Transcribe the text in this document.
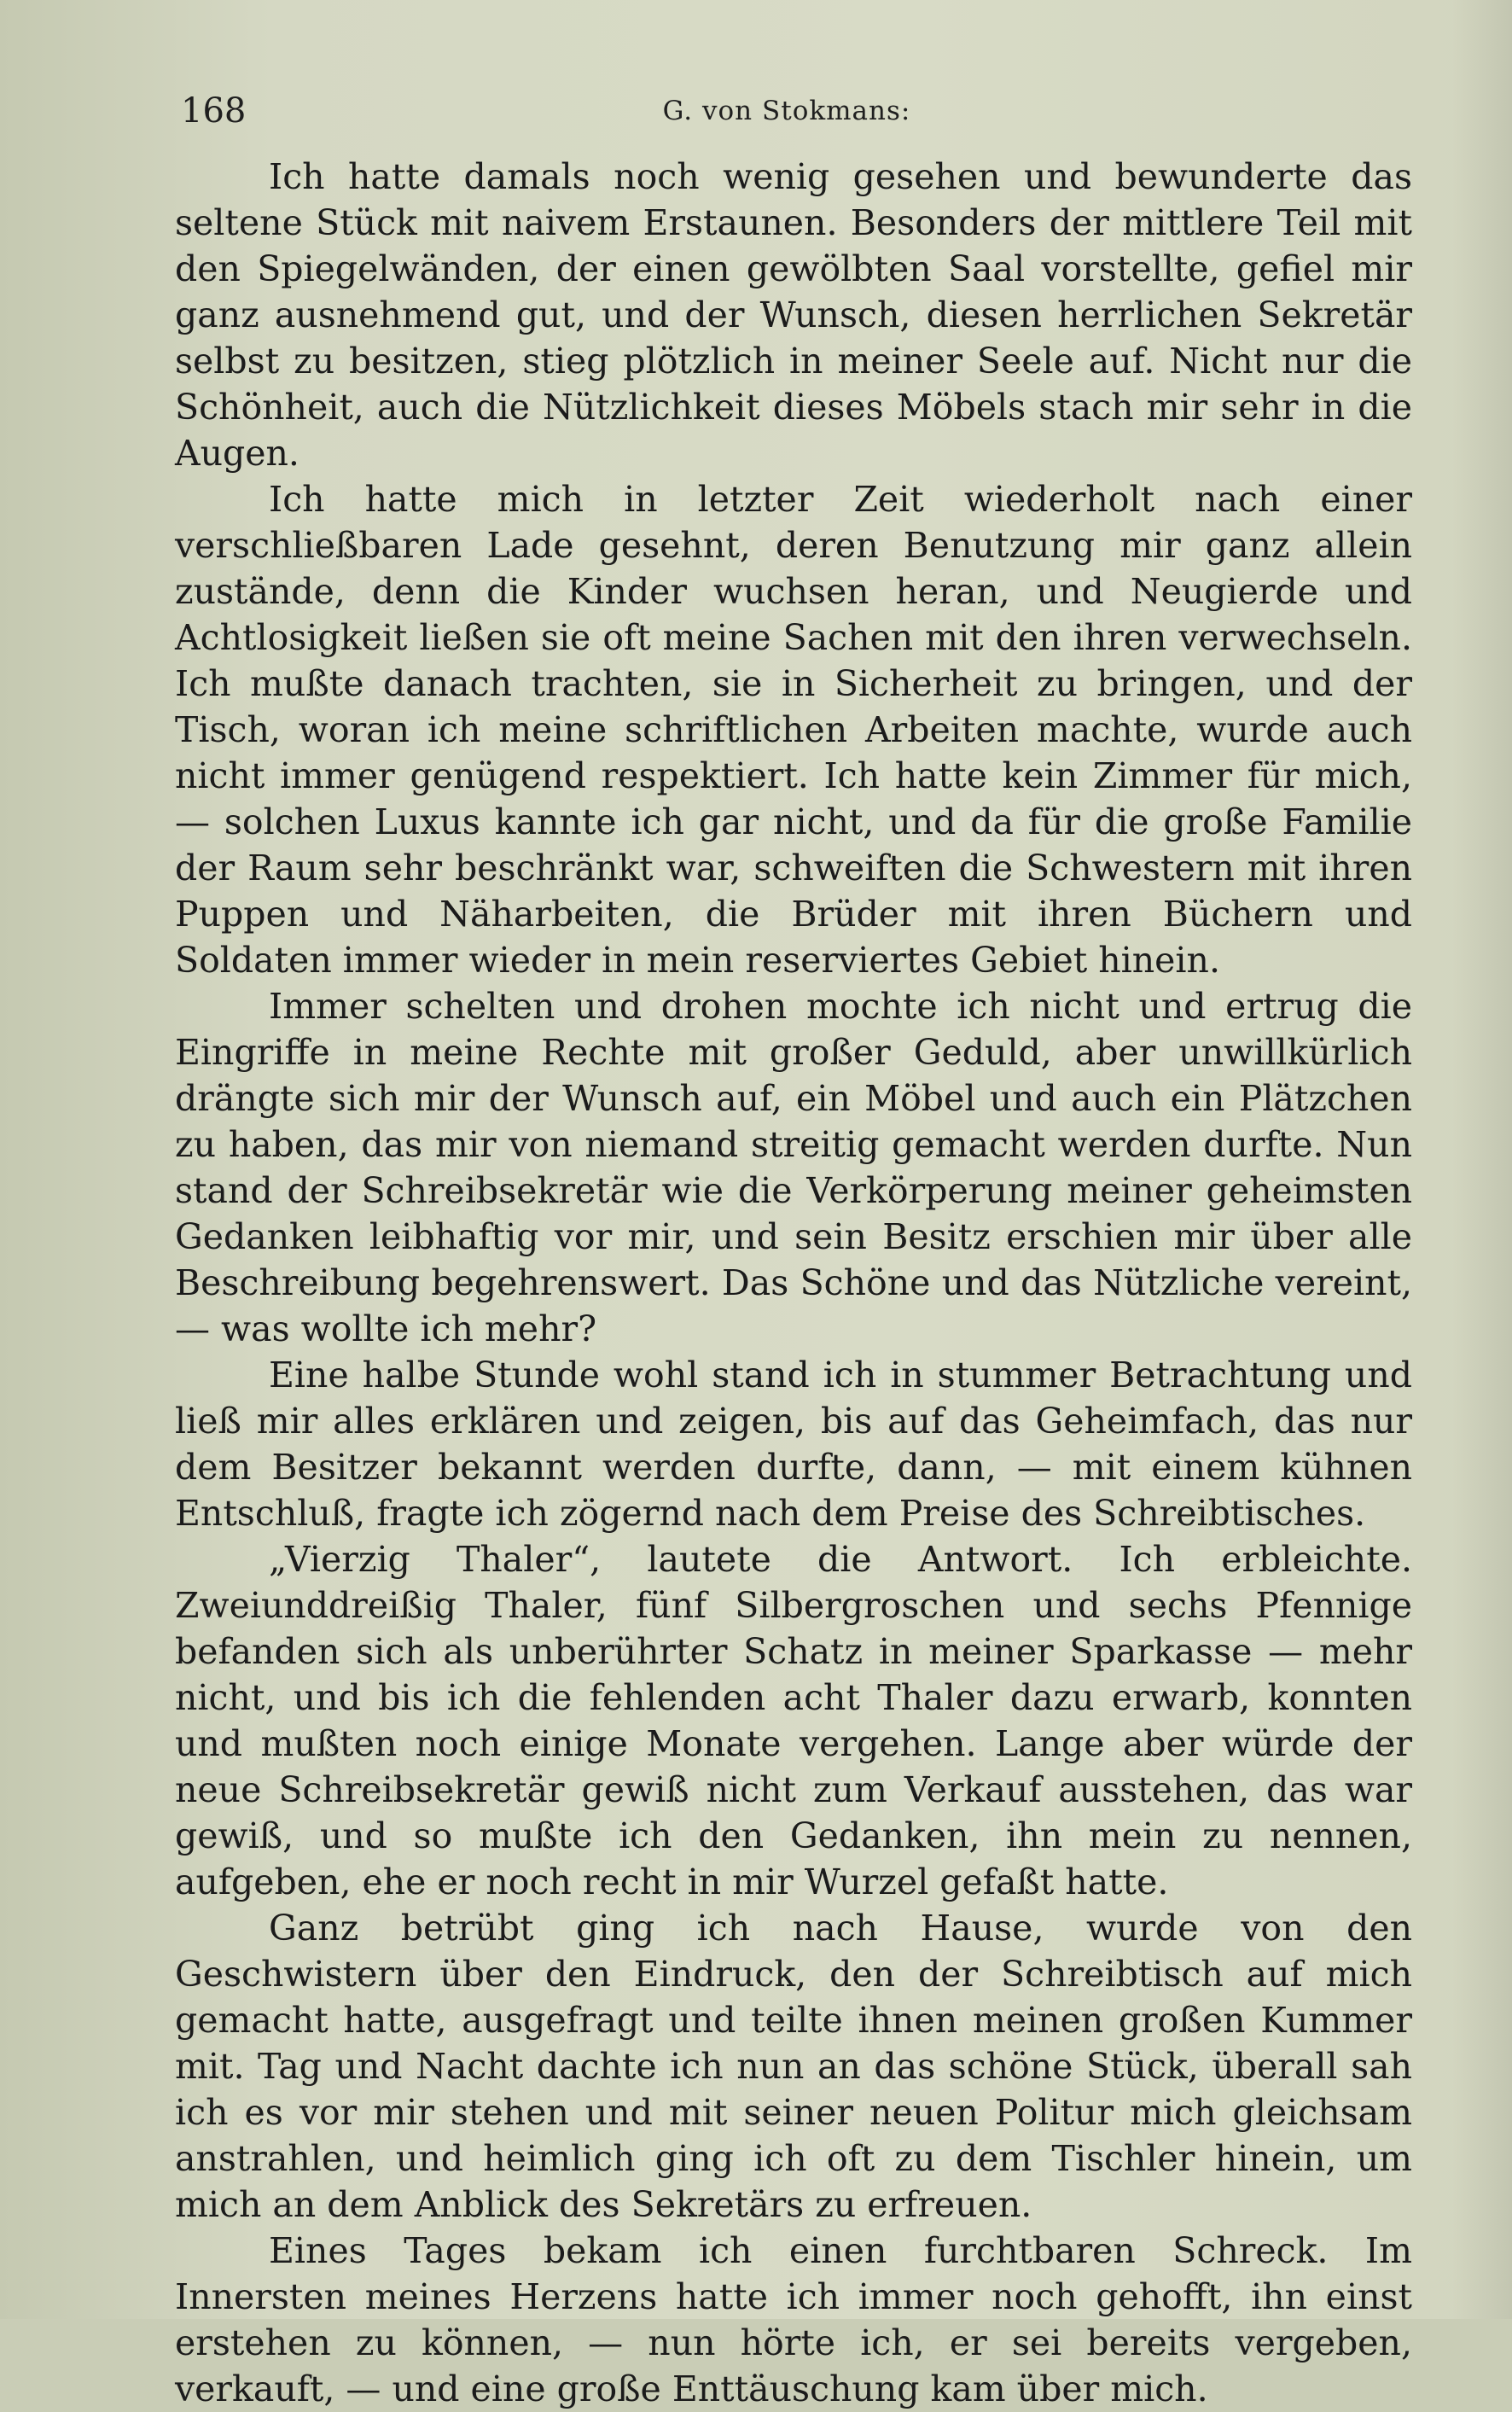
168	G. von Stokmans:

Ich hatte damals noch wenig gesehen und bewunderte das seltene Stück mit naivem Erstaunen. Besonders der mittlere Teil mit den Spiegelwänden, der einen gewölbten Saal vorstellte, gefiel mir ganz ausnehmend gut, und der Wunsch, diesen herrlichen Sekretär selbst zu besitzen, stieg plötzlich in meiner Seele auf. Nicht nur die Schönheit, auch die Nützlichkeit dieses Möbels stach mir sehr in die Augen.

Ich hatte mich in letzter Zeit wiederholt nach einer verschließbaren Lade gesehnt, deren Benutzung mir ganz allein zustände, denn die Kinder wuchsen heran, und Neugierde und Achtlosigkeit ließen sie oft meine Sachen mit den ihren verwechseln. Ich mußte danach trachten, sie in Sicherheit zu bringen, und der Tisch, woran ich meine schriftlichen Arbeiten machte, wurde auch nicht immer genügend respektiert. Ich hatte kein Zimmer für mich, — solchen Luxus kannte ich gar nicht, und da für die große Familie der Raum sehr beschränkt war, schweiften die Schwestern mit ihren Puppen und Näharbeiten, die Brüder mit ihren Büchern und Soldaten immer wieder in mein reserviertes Gebiet hinein.

Immer schelten und drohen mochte ich nicht und ertrug die Eingriffe in meine Rechte mit großer Geduld, aber unwillkürlich drängte sich mir der Wunsch auf, ein Möbel und auch ein Plätzchen zu haben, das mir von niemand streitig gemacht werden durfte. Nun stand der Schreibsekretär wie die Verkörperung meiner geheimsten Gedanken leibhaftig vor mir, und sein Besitz erschien mir über alle Beschreibung begehrenswert. Das Schöne und das Nützliche vereint, — was wollte ich mehr?

Eine halbe Stunde wohl stand ich in stummer Betrachtung und ließ mir alles erklären und zeigen, bis auf das Geheimfach, das nur dem Besitzer bekannt werden durfte, dann, — mit einem kühnen Entschluß, fragte ich zögernd nach dem Preise des Schreibtisches.

„Vierzig Thaler“, lautete die Antwort. Ich erbleichte. Zweiunddreißig Thaler, fünf Silbergroschen und sechs Pfennige befanden sich als unberührter Schatz in meiner Sparkasse — mehr nicht, und bis ich die fehlenden acht Thaler dazu erwarb, konnten und mußten noch einige Monate vergehen. Lange aber würde der neue Schreibsekretär gewiß nicht zum Verkauf ausstehen, das war gewiß, und so mußte ich den Gedanken, ihn mein zu nennen, aufgeben, ehe er noch recht in mir Wurzel gefaßt hatte.

Ganz betrübt ging ich nach Hause, wurde von den Geschwistern über den Eindruck, den der Schreibtisch auf mich gemacht hatte, ausgefragt und teilte ihnen meinen großen Kummer mit. Tag und Nacht dachte ich nun an das schöne Stück, überall sah ich es vor mir stehen und mit seiner neuen Politur mich gleichsam anstrahlen, und heimlich ging ich oft zu dem Tischler hinein, um mich an dem Anblick des Sekretärs zu erfreuen.

Eines Tages bekam ich einen furchtbaren Schreck. Im Innersten meines Herzens hatte ich immer noch gehofft, ihn einst erstehen zu können, — nun hörte ich, er sei bereits vergeben, verkauft, — und eine große Enttäuschung kam über mich.
